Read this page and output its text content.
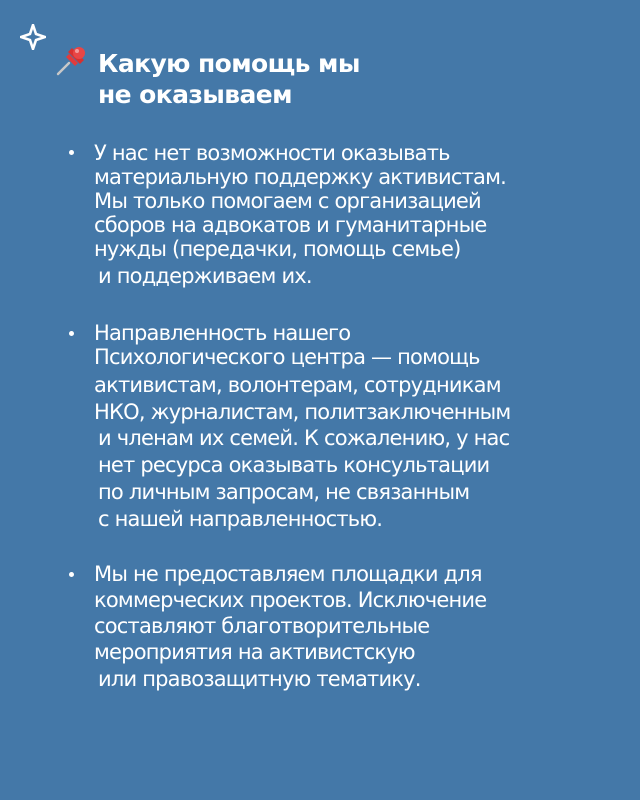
Какую помощь мы
не оказываем
У нас нет возможности оказывать
материальную поддержку активистам.
Мы только помогаем с организацией
сборов на адвокатов и гуманитарные
нужды (передачки, помощь семье)
и поддерживаем их.
Направленность нашего
Психологического центра — помощь
активистам, волонтерам, сотрудникам
НКО, журналистам, политзаключенным
и членам их семей. К сожалению, у нас
нет ресурса оказывать консультации
по личным запросам, не связанным
с нашей направленностью.
Мы не предоставляем площадки для
коммерческих проектов. Исключение
составляют благотворительные
мероприятия на активистскую
или правозащитную тематику.
